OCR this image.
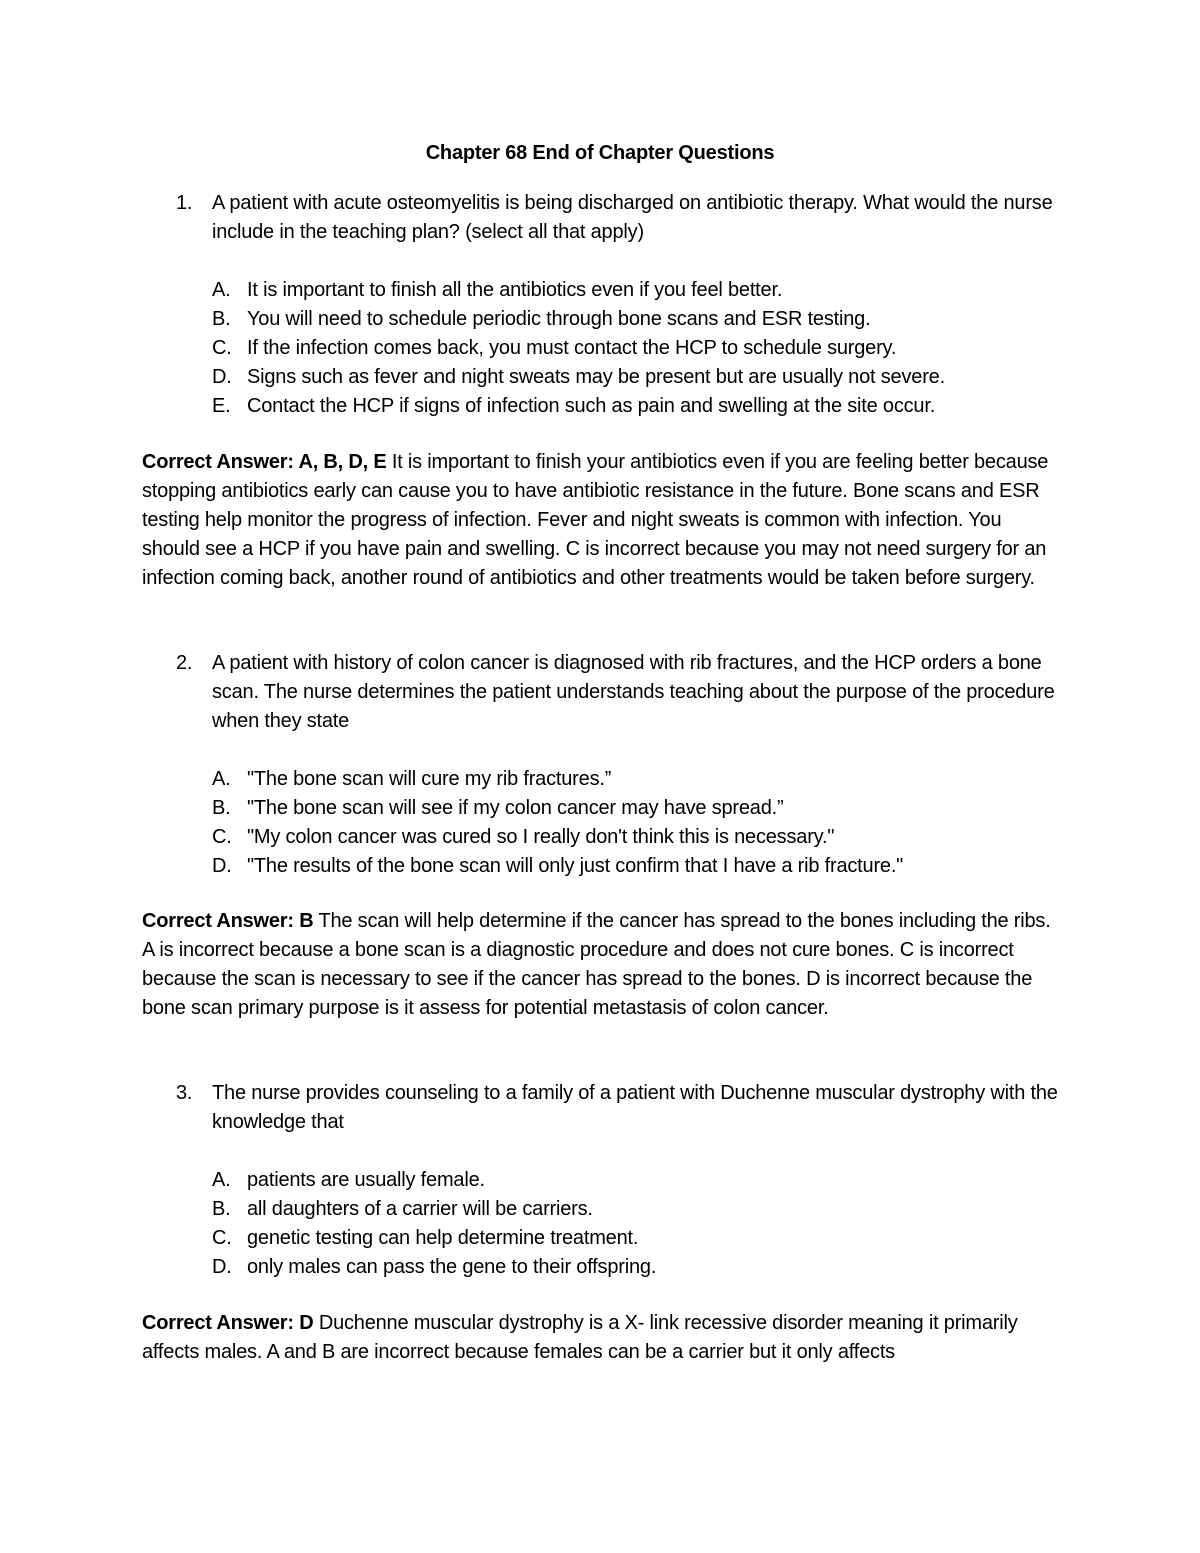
Chapter 68 End of Chapter Questions
1. A patient with acute osteomyelitis is being discharged on antibiotic therapy. What would the nurse include in the teaching plan? (select all that apply)
A. It is important to finish all the antibiotics even if you feel better.
B. You will need to schedule periodic through bone scans and ESR testing.
C. If the infection comes back, you must contact the HCP to schedule surgery.
D. Signs such as fever and night sweats may be present but are usually not severe.
E. Contact the HCP if signs of infection such as pain and swelling at the site occur.
Correct Answer: A, B, D, E It is important to finish your antibiotics even if you are feeling better because stopping antibiotics early can cause you to have antibiotic resistance in the future. Bone scans and ESR testing help monitor the progress of infection. Fever and night sweats is common with infection. You should see a HCP if you have pain and swelling. C is incorrect because you may not need surgery for an infection coming back, another round of antibiotics and other treatments would be taken before surgery.
2. A patient with history of colon cancer is diagnosed with rib fractures, and the HCP orders a bone scan. The nurse determines the patient understands teaching about the purpose of the procedure when they state
A. "The bone scan will cure my rib fractures.”
B. "The bone scan will see if my colon cancer may have spread.”
C. "My colon cancer was cured so I really don't think this is necessary."
D. "The results of the bone scan will only just confirm that I have a rib fracture."
Correct Answer: B The scan will help determine if the cancer has spread to the bones including the ribs. A is incorrect because a bone scan is a diagnostic procedure and does not cure bones. C is incorrect because the scan is necessary to see if the cancer has spread to the bones. D is incorrect because the bone scan primary purpose is it assess for potential metastasis of colon cancer.
3. The nurse provides counseling to a family of a patient with Duchenne muscular dystrophy with the knowledge that
A. patients are usually female.
B. all daughters of a carrier will be carriers.
C. genetic testing can help determine treatment.
D. only males can pass the gene to their offspring.
Correct Answer: D Duchenne muscular dystrophy is a X- link recessive disorder meaning it primarily affects males. A and B are incorrect because females can be a carrier but it only affects
